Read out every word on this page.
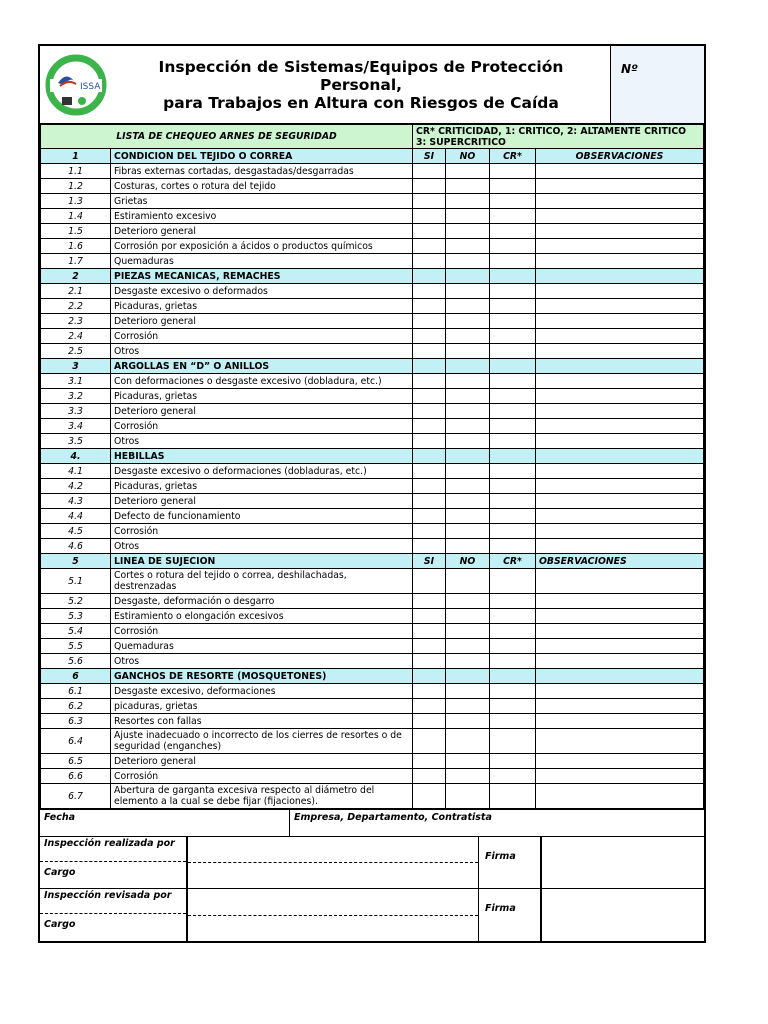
ISSA
Inspección de Sistemas/Equipos de Protección Personal,
para Trabajos en Altura con Riesgos de Caída
Nº
LISTA DE CHEQUEO ARNES DE SEGURIDAD		CR* CRITICIDAD, 1: CRITICO, 2: ALTAMENTE CRITICO
3: SUPERCRITICO			

1	CONDICION DEL TEJIDO O CORREA	SI	NO	CR*	OBSERVACIONES
1.1	Fibras externas cortadas, desgastadas/desgarradas				
1.2	Costuras, cortes o rotura del tejido				
1.3	Grietas				
1.4	Estiramiento excesivo				
1.5	Deterioro general				
1.6	Corrosión por exposición a ácidos o productos químicos				
1.7	Quemaduras				
2	PIEZAS MECANICAS, REMACHES				
2.1	Desgaste excesivo o deformados				
2.2	Picaduras, grietas				
2.3	Deterioro general				
2.4	Corrosión				
2.5	Otros				
3	ARGOLLAS EN “D” O ANILLOS				
3.1	Con deformaciones o desgaste excesivo (dobladura, etc.)				
3.2	Picaduras, grietas				
3.3	Deterioro general				
3.4	Corrosión				
3.5	Otros				
4.	HEBILLAS				
4.1	Desgaste excesivo o deformaciones (dobladuras, etc.)				
4.2	Picaduras, grietas				
4.3	Deterioro general				
4.4	Defecto de funcionamiento				
4.5	Corrosión				
4.6	Otros				
5	LINEA DE SUJECION	SI	NO	CR*	OBSERVACIONES
5.1	Cortes o rotura del tejido o correa, deshilachadas, destrenzadas				
5.2	Desgaste, deformación o desgarro				
5.3	Estiramiento o elongación excesivos				
5.4	Corrosión				
5.5	Quemaduras				
5.6	Otros				
6	GANCHOS DE RESORTE (MOSQUETONES)				
6.1	Desgaste excesivo, deformaciones				
6.2	picaduras, grietas				
6.3	Resortes con fallas				
6.4	Ajuste inadecuado o incorrecto de los cierres de resortes o de seguridad (enganches)				
6.5	Deterioro general				
6.6	Corrosión				
6.7	Abertura de garganta excesiva respecto al diámetro del elemento a la cual se debe fijar (fijaciones).				
Fecha	Empresa, Departamento, Contratista
Inspección realizada por
Cargo
Firma
Inspección revisada por
Cargo
Firma
